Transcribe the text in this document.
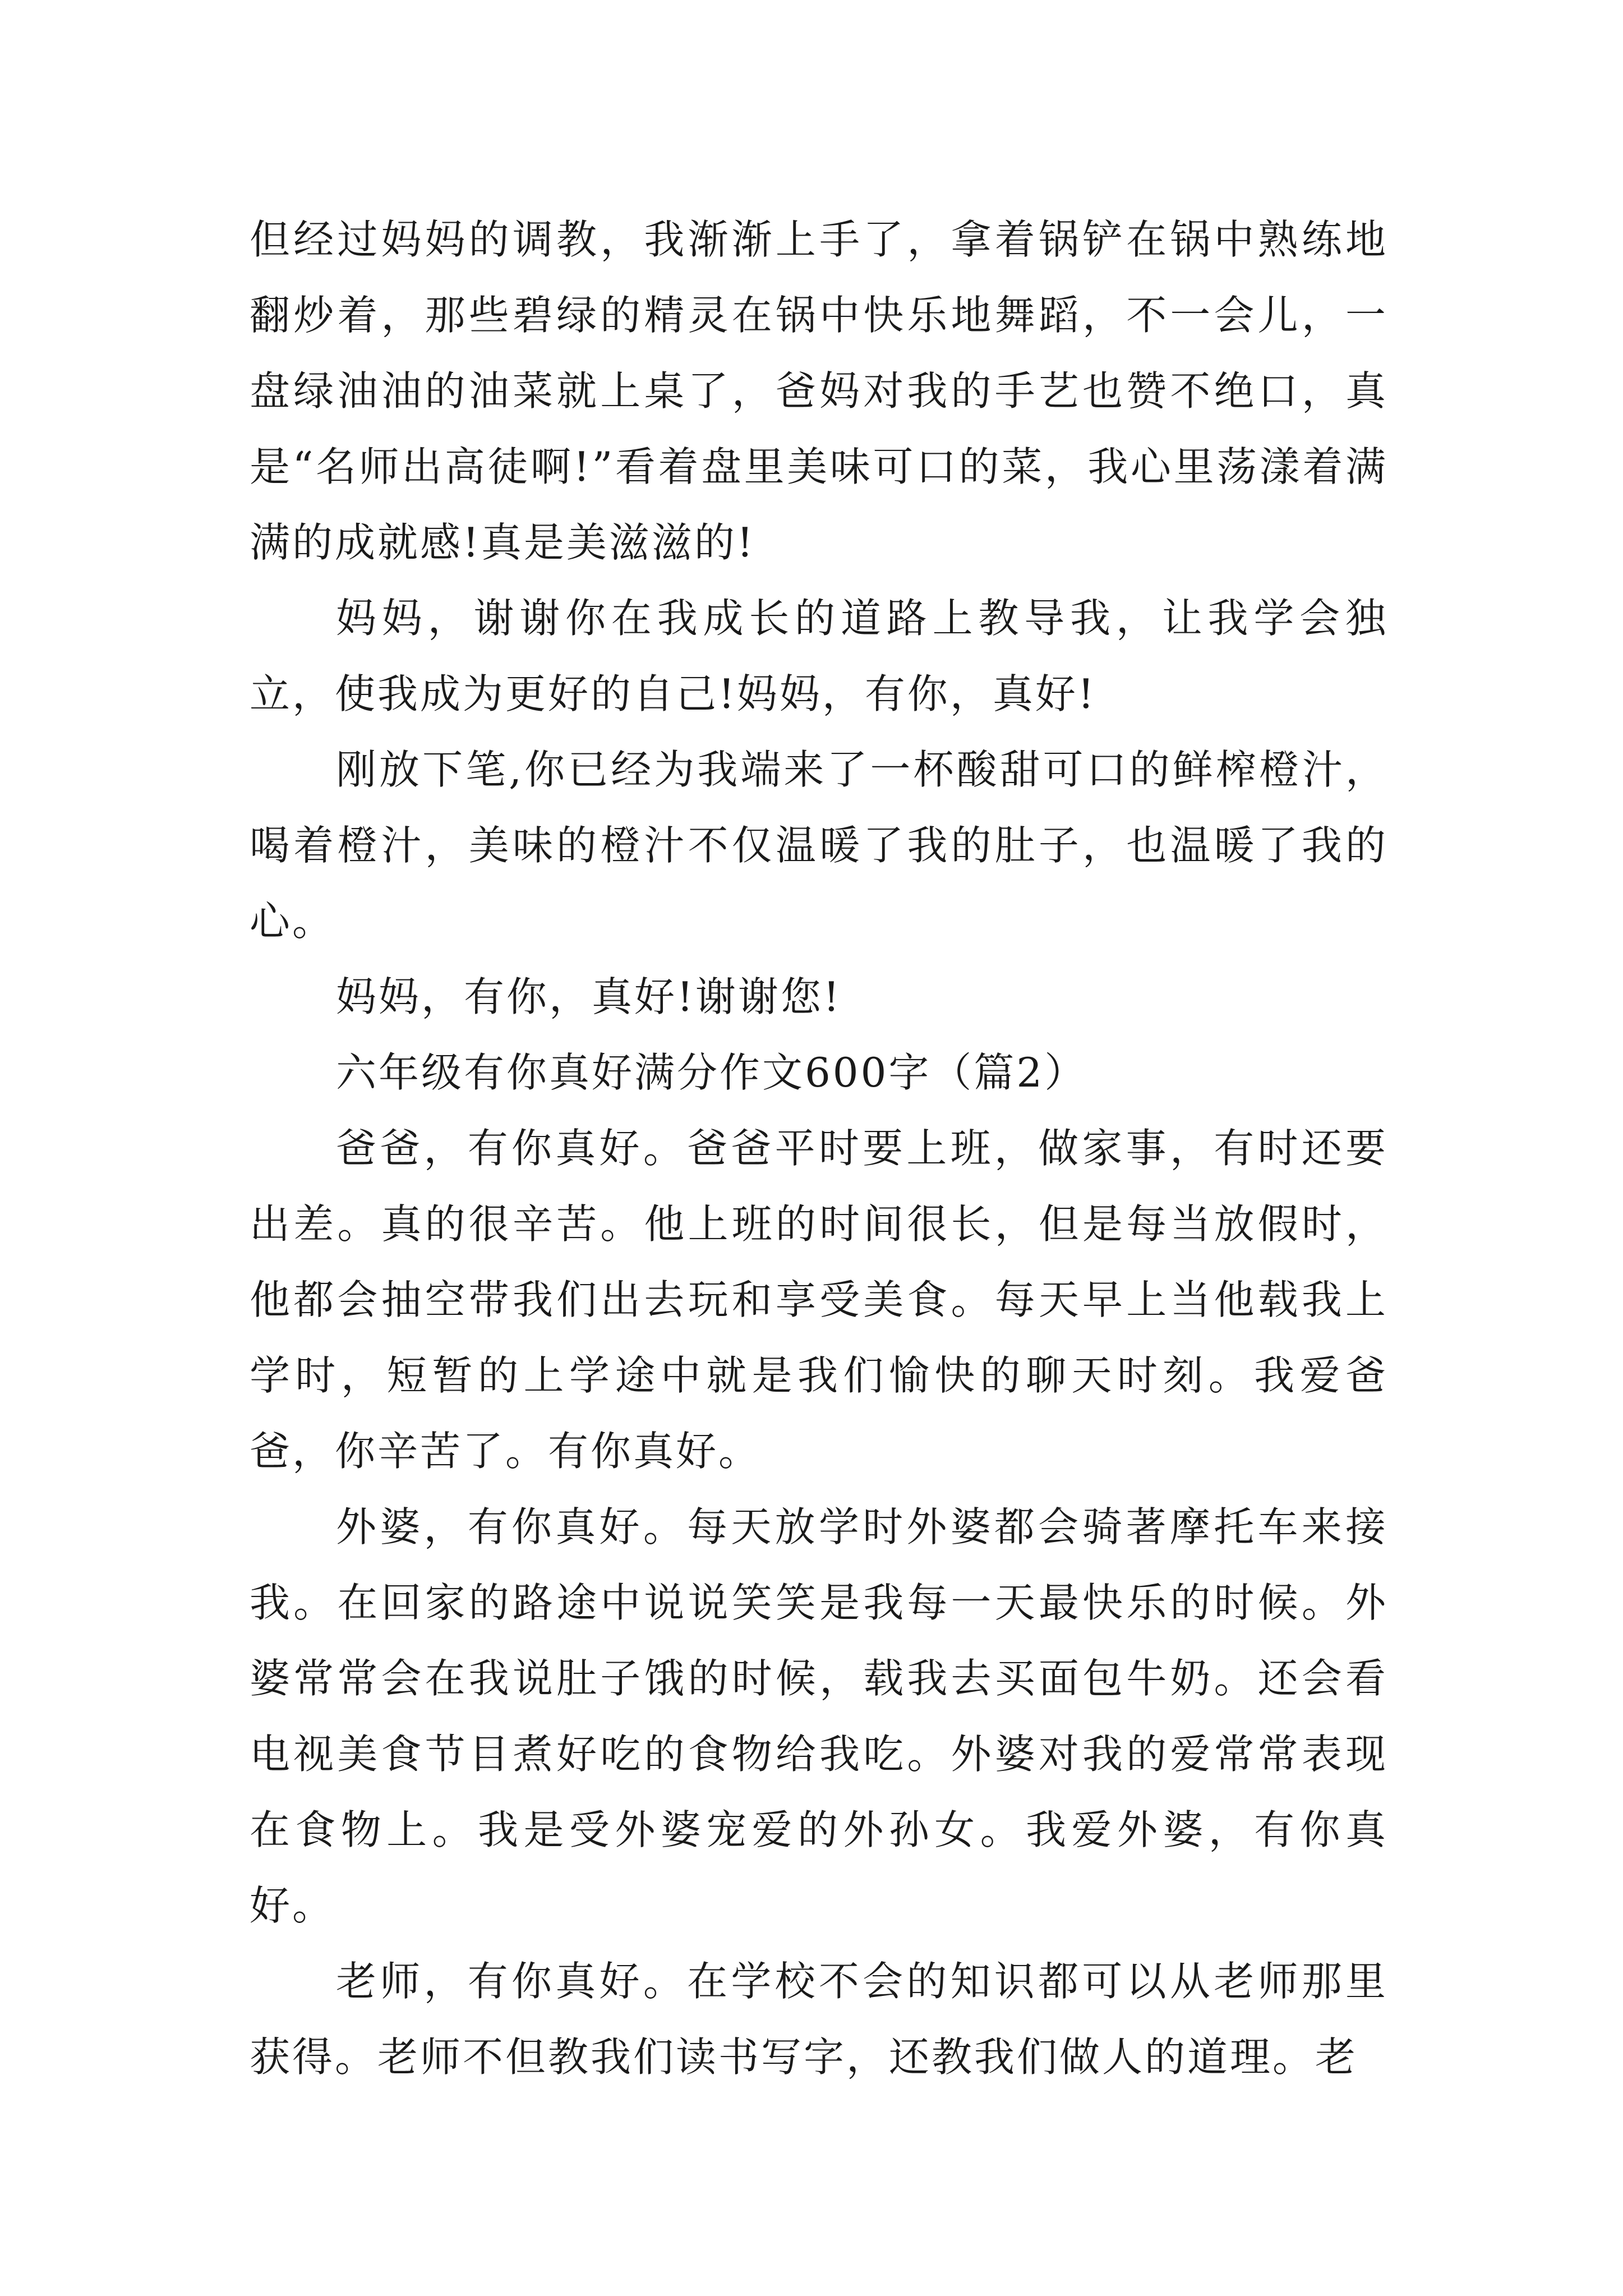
但经过妈妈的调教，我渐渐上手了，拿着锅铲在锅中熟练地翻炒着，那些碧绿的精灵在锅中快乐地舞蹈，不一会儿，一盘绿油油的油菜就上桌了，爸妈对我的手艺也赞不绝口，真是“名师出高徒啊!”看着盘里美味可口的菜，我心里荡漾着满满的成就感!真是美滋滋的!

妈妈，谢谢你在我成长的道路上教导我，让我学会独立，使我成为更好的自己!妈妈，有你，真好!

刚放下笔,你已经为我端来了一杯酸甜可口的鲜榨橙汁，喝着橙汁，美味的橙汁不仅温暖了我的肚子，也温暖了我的心。

妈妈，有你，真好!谢谢您!

六年级有你真好满分作文600字（篇2）

爸爸，有你真好。爸爸平时要上班，做家事，有时还要出差。真的很辛苦。他上班的时间很长，但是每当放假时，他都会抽空带我们出去玩和享受美食。每天早上当他载我上学时，短暂的上学途中就是我们愉快的聊天时刻。我爱爸爸，你辛苦了。有你真好。

外婆，有你真好。每天放学时外婆都会骑著摩托车来接我。在回家的路途中说说笑笑是我每一天最快乐的时候。外婆常常会在我说肚子饿的时候，载我去买面包牛奶。还会看电视美食节目煮好吃的食物给我吃。外婆对我的爱常常表现在食物上。我是受外婆宠爱的外孙女。我爱外婆，有你真好。

老师，有你真好。在学校不会的知识都可以从老师那里获得。老师不但教我们读书写字，还教我们做人的道理。老
